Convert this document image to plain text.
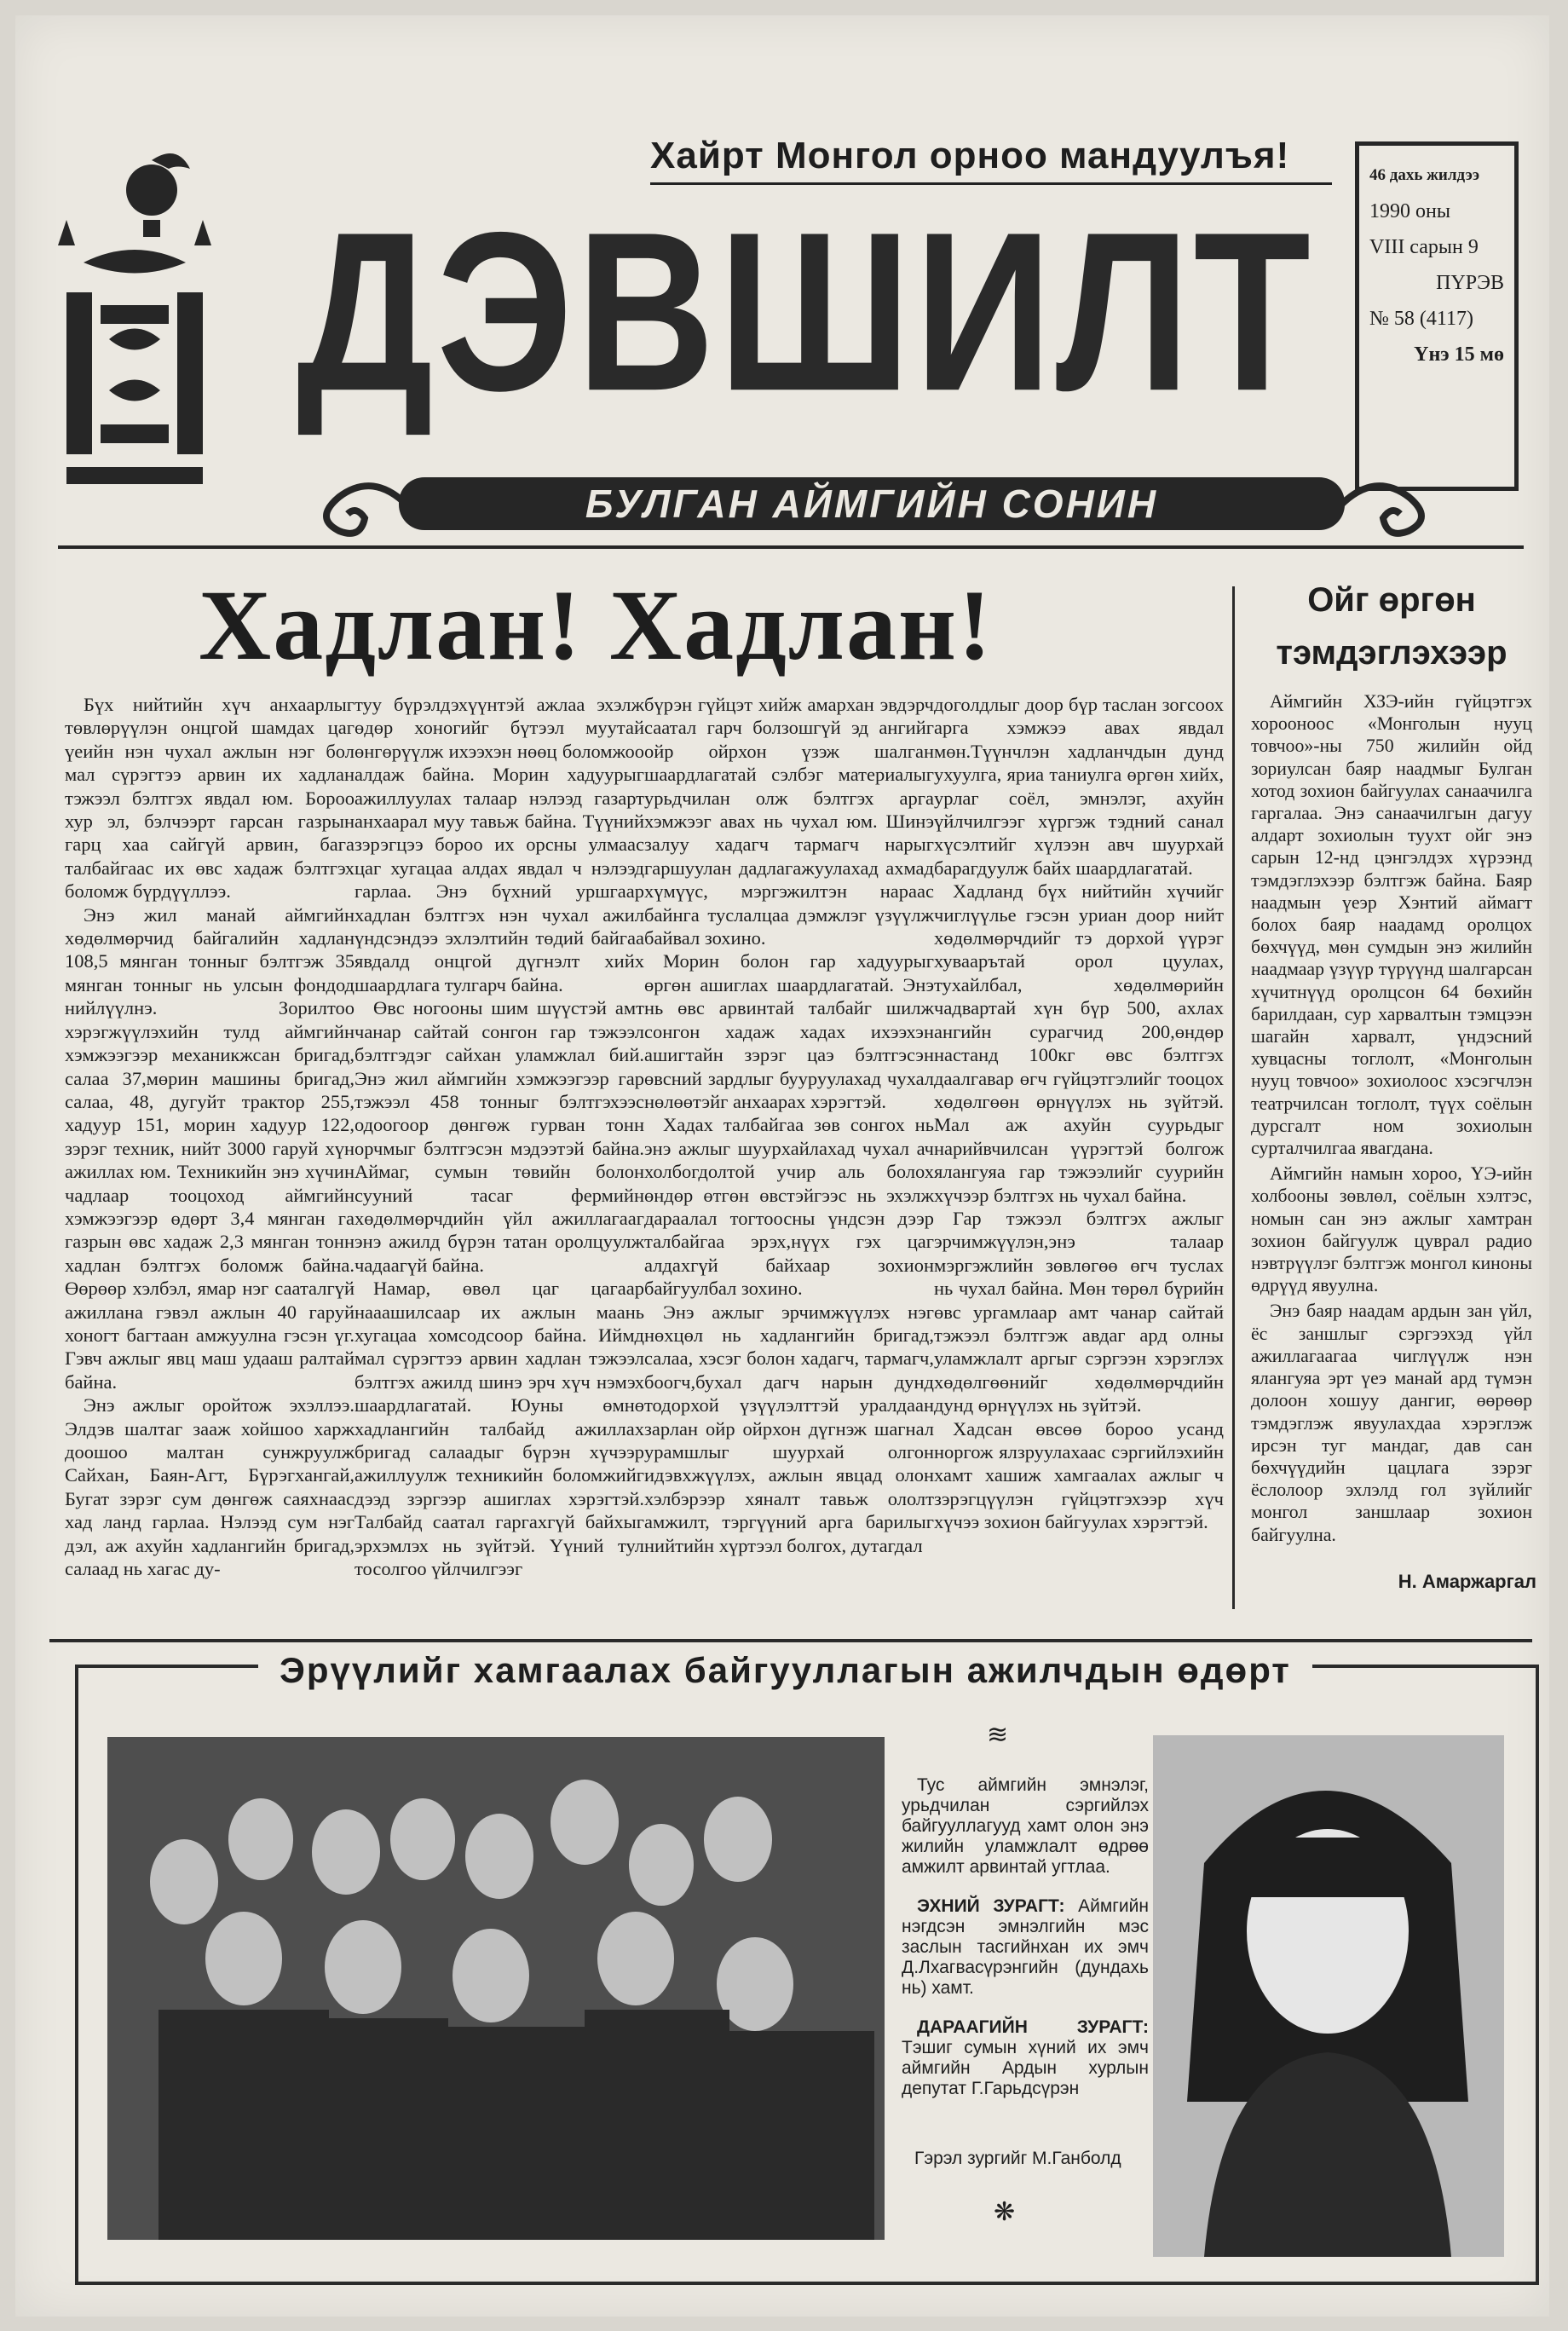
Хайрт Монгол орноо мандуулъя!
ДЭВШИЛТ
БУЛГАН АЙМГИЙН СОНИН
46 дахь жилдээ
1990 оны
VIII сарын 9
ПҮРЭВ
№ 58 (4117)
Үнэ 15 мө
Хадлан! Хадлан!

Бүх нийтийн хүч анхаарлыг төвлөрүүлэн онцгой шамдах цаг үеийн нэн чухал ажлын нэг бол мал сүрэгтээ арвин их хадлан тэжээл бэлтгэх явдал юм. Бороо хур эл, бэлчээрт гарсан газрын гарц хаа сайгүй арвин, бага талбайгаас их өвс хадаж бэлтгэх боломж бүрдүүллээ.

Энэ жил манай аймгийн хөдөлмөрчид байгалийн хадлан 108,5 мянган тонныг бэлтгэж 35 мянган тонныг нь улсын фондод нийлүүлнэ. Зорилтоо хэрэгжүүлэхийн тулд аймгийн хэмжээгээр механикжсан бригад, салаа 37,мөрин машины бригад, салаа, 48, дугуйт трактор 255, хадуур 151, морин хадуур 122, зэрэг техник, нийт 3000 гаруй хүн ажиллах юм. Техникийн энэ хүчин чадлаар тооцоход аймгийн хэмжээгээр өдөрт 3,4 мянган га газрын өвс хадаж 2,3 мянган тонн хадлан бэлтгэх боломж байна. Өөрөөр хэлбэл, ямар нэг сааталгүй ажиллана гэвэл ажлын 40 гаруй хоногт багтаан амжуулна гэсэн үг. Гэвч ажлыг явц маш удааш ралтай байна.

Энэ ажлыг оройтож эхэллээ. Элдэв шалтаг зааж хойшоо харж доошоо малтан сунжруулж Сайхан, Баян-Агт, Бүрэгхангай, Бугат зэрэг сум дөнгөж саяхнаас хад ланд гарлаа. Нэлээд сум нэг дэл, аж ахуйн хадлангийн бригад, салаад нь хагас ду-

туу бүрэлдэхүүнтэй ажлаа эхэлж өдөр хоногийг бүтээл муутай өнгөрүүлж ихээхэн нөөц боломжоо алдаж байна. Морин хадуурыг ажиллуулах талаар нэлээд газарт анхаарал муу тавьж байна. Түүний зэрэгцээ бороо их орсны улмаас цаг хугацаа алдах явдал ч нэлээд гарлаа. Энэ бүхний уршгаар хадлан бэлтгэх нэн чухал ажил үндсэндээ эхлэлтийн төдий байгаа явдалд онцгой дүгнэлт хийх шаардлага тулгарч байна.

Өвс ногооны шим шүүстэй амт чанар сайтай сонгон гар тэжээл бэлтгэдэг сайхан уламжлал бий. Энэ жил аймгийн хэмжээгээр гар тэжээл 458 тонныг бэлтгэхээс одоогоор дөнгөж гурван тонн орчмыг бэлтгэсэн мэдээтэй байна. Аймаг, сумын төвийн болон сууний тасаг фермийн хөдөлмөрчдийн үйл ажиллагааг энэ ажилд бүрэн татан оролцуулж чадаагүй байна.

Намар, өвөл цаг цагаар нааашилсаар их ажлын маань хугацаа хомсодсоор байна. Иймд мал сүрэгтээ арвин хадлан тэжээл бэлтгэх ажилд шинэ эрч хүч нэмэх шаардлагатай. Юуны өмнө хадлангийн талбайд ажиллах бригад салаадыг бүрэн хүчээр ажиллуулж техникийн боломжийг дээд зэргээр ашиглах хэрэгтэй. Талбайд саатал гаргахгүй байхыг эрхэмлэх нь зүйтэй. Үүний тул тосолгоо үйлчилгээг

бүрэн гүйцэт хийж амархан эвдэрч саатал гарч болзошгүй эд ангийг ойр ойрхон үзэж шалган шаардлагатай сэлбэг материалыг урьдчилан олж бэлтгэх арга хэмжээг авах нь чухал юм. Шинэ залуу хадагч тармагч нарыг гаршуулан дадлагажуулахад ахмад хүмүүс, мэргэжилтэн нараас байнга туслалцаа дэмжлэг үзүүлж байвал зохино.

Морин болон гар хадуурыг өргөн ашиглах шаардлагатай. Энэ нь өвс арвинтай талбайг шилж сонгон хадаж хадах ихээхэн ашигтайн зэрэг цаэ бэлтгэсэн өвсний зардлыг бууруулахад чухал нөлөөтэйг анхаарах хэрэгтэй.

Хадах талбайгаа зөв сонгох нь энэ ажлыг шуурхайлахад чухал ач холбогдолтой учир аль болох өндөр өтгөн өвстэйгээс нь эхэлж дараалал тогтоосны үндсэн дээр талбайгаа эрэх,нүүх гэх цаг алдахгүй байхаар зохион байгуулбал зохино.

Энэ ажлыг эрчимжүүлэх нэг нөхцөл нь хадлангийн бригад, салаа, хэсэг болон хадагч, тармагч, боогч,бухал дагч нарын дунд тодорхой үзүүлэлттэй уралдаан зарлан ойр ойрхон дүгнэж шагнал урамшлыг шуурхай олгон идэвхжүүлэх, ажлын явцад олон хэлбэрээр хяналт тавьж ололт амжилт, тэргүүний арга барилыг нийтийн хүртээл болгох, дутагдал

доголдлыг доор бүр таслан зогсоох арга хэмжээ авах явдал мөн.Түүнчлэн хадланчдын дунд ухуулга, яриа таниулга өргөн хийх, урлаг соёл, эмнэлэг, ахуйн үйлчилгээг хүргэж тэдний санал хүсэлтийг хүлээн авч шуурхай барагдуулж байх шаардлагатай.

Хадланд бүх нийтийн хүчийг чиглүүлье гэсэн уриан доор нийт хөдөлмөрчдийг тэ дорхой үүрэг хуваарътай орол цуулах, тухайлбал, хөдөлмөрийн чадвартай хүн бүр 500, ахлах ангийн сурагчид 200,өндөр настанд 100кг өвс бэлтгэх даалгавар өгч гүйцэтгэлийг тооцох хөдөлгөөн өрнүүлэх нь зүйтэй. Мал аж ахуйн суурьдыг нарийвчилсан үүрэгтэй болгож ялангуяа гар тэжээлийг суурийн хүчээр бэлтгэх нь чухал байна.

Гар тэжээл бэлтгэх ажлыг эрчимжүүлэн,энэ талаар мэргэжлийн зөвлөгөө өгч туслах нь чухал байна. Мөн төрөл бүрийн өвс ургамлаар амт чанар сайтай тэжээл бэлтгэж авдаг ард олны уламжлалт аргыг сэргээн хэрэглэх хөдөлгөөнийг хөдөлмөрчдийн дунд өрнүүлэх нь зүйтэй.

Хадсан өвсөө бороо усанд норгож ялзруулахаас сэргийлэхийн хамт хашиж хамгаалах ажлыг ч зэрэгцүүлэн гүйцэтгэхээр хүч хүчээ зохион байгуулах хэрэгтэй.

Ойг өргөн
тэмдэглэхээр

Аймгийн ХЗЭ-ийн гүйцэтгэх хорооноос «Монголын нууц товчоо»-ны 750 жилийн ойд зориулсан баяр наадмыг Булган хотод зохион байгуулах санаачилга гаргалаа. Энэ санаачилгын дагуу алдарт зохиолын туухт ойг энэ сарын 12-нд цэнгэлдэх хүрээнд тэмдэглэхээр бэлтгэж байна. Баяр наадмын үеэр Хэнтий аймагт болох баяр наадамд оролцох бөхчүүд, мөн сумдын энэ жилийн наадмаар үзүүр түрүүнд шалгарсан хүчитнүүд оролцсон 64 бөхийн барилдаан, сур харвалтын тэмцээн шагайн харвалт, үндэсний хувцасны тоглолт, «Монголын нууц товчоо» зохиолоос хэсэгчлэн театрчилсан тоглолт, түүх соёлын дурсгалт ном зохиолын сурталчилгаа явагдана.

Аймгийн намын хороо, ҮЭ-ийн холбооны зөвлөл, соёлын хэлтэс, номын сан энэ ажлыг хамтран зохион байгуулж цуврал радио нэвтрүүлэг бэлтгэж монгол киноны өдрүүд явуулна.

Энэ баяр наадам ардын зан үйл, ёс заншлыг сэргээхэд үйл ажиллагаагаа чиглүүлж нэн ялангуяа эрт үеэ манай ард түмэн долоон хошуу дангиг, өөрөөр тэмдэглэж явуулахдаа хэрэглэж ирсэн туг мандаг, дав сан бөхчүүдийн цацлага зэрэг ёслолоор эхлэлд гол зүйлийг монгол заншлаар зохион байгуулна.

Н. Амаржаргал
Эрүүлийг хамгаалах байгууллагын ажилчдын өдөрт
≋

Тус аймгийн эмнэлэг, урьдчилан сэргийлэх байгууллагууд хамт олон энэ жилийн уламжлалт өдрөө амжилт арвинтай угтлаа.

ЭХНИЙ ЗУРАГТ: Аймгийн нэгдсэн эмнэлгийн мэс заслын тасгийнхан их эмч Д.Лхагвасүрэнгийн (дундахь нь) хамт.

ДАРААГИЙН ЗУРАГТ: Тэшиг сумын хүний их эмч аймгийн Ардын хурлын депутат Г.Гарьдсүрэн

Гэрэл зургийг М.Ганболд
❋
